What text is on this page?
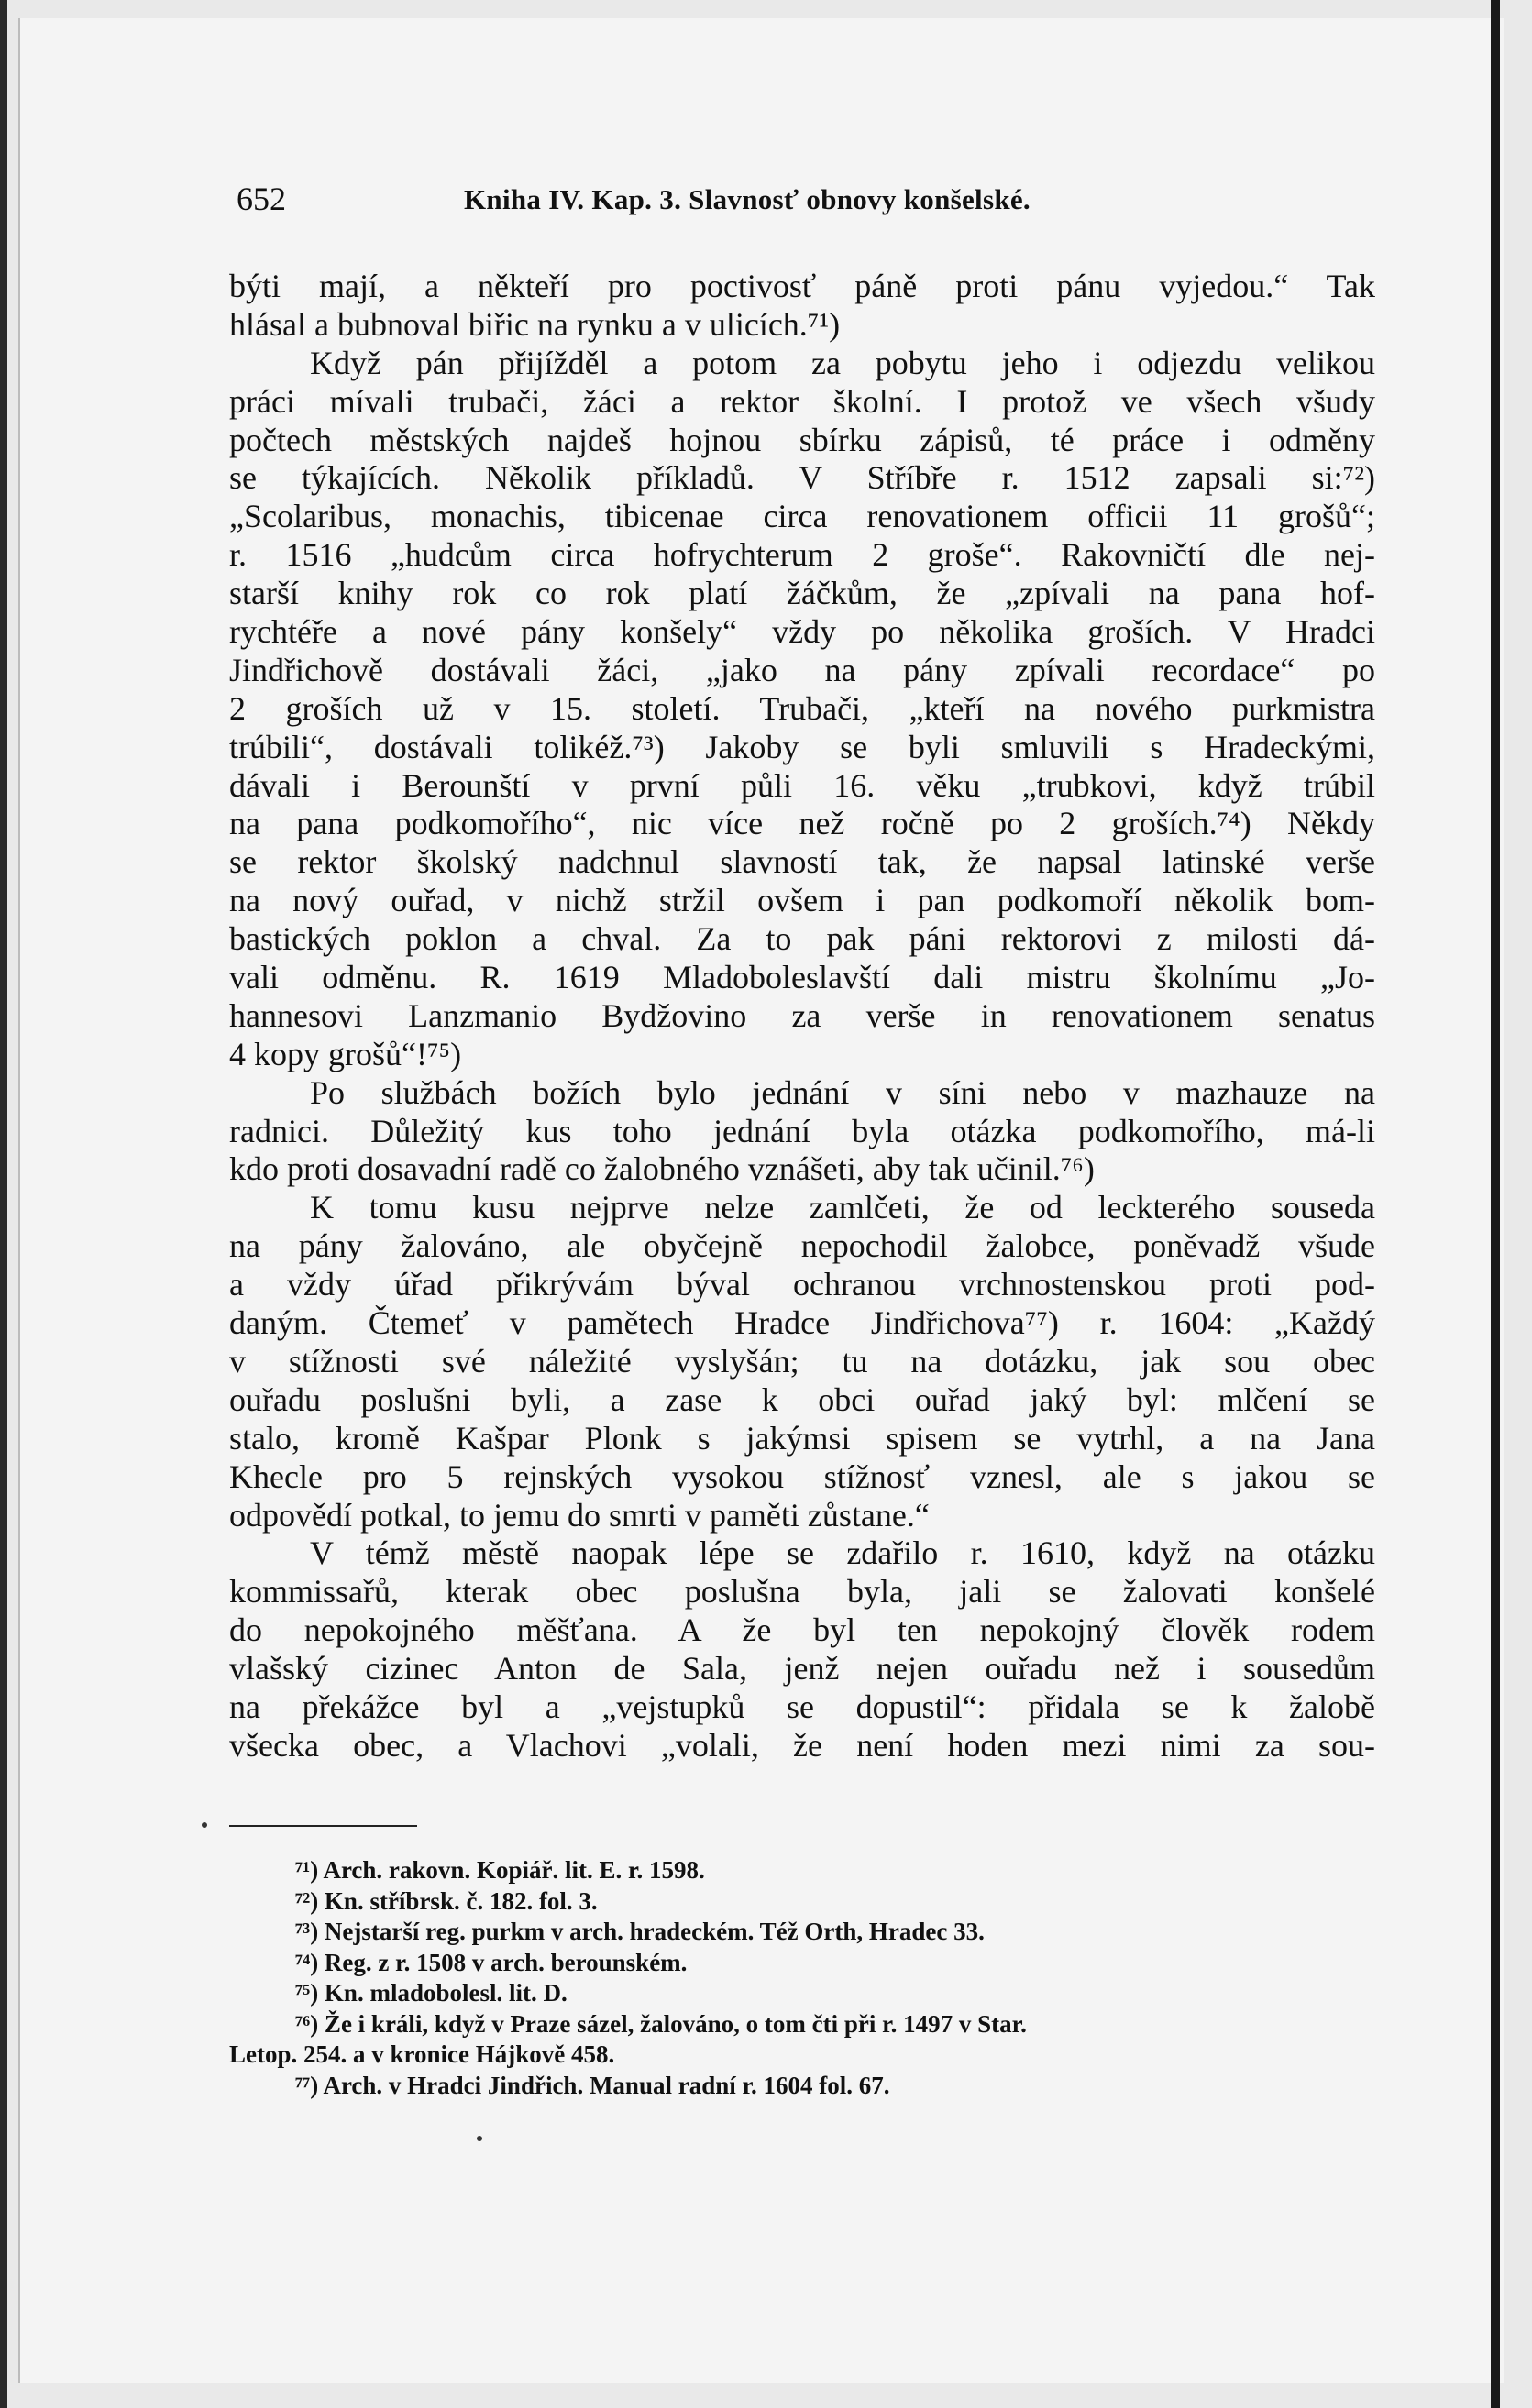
652	Kniha IV. Kap. 3. Slavnosť obnovy konšelské.
býti mají, a někteří pro poctivosť páně proti pánu vyjedou.“ Tak
hlásal a bubnoval biřic na rynku a v ulicích.⁷¹)
Když pán přijížděl a potom za pobytu jeho i odjezdu velikou
práci mívali trubači, žáci a rektor školní. I protož ve všech všudy
počtech městských najdeš hojnou sbírku zápisů, té práce i odměny
se týkajících. Několik příkladů. V Stříbře r. 1512 zapsali si:⁷²)
„Scolaribus, monachis, tibicenae circa renovationem officii 11 grošů“;
r. 1516 „hudcům circa hofrychterum 2 groše“. Rakovničtí dle nej-
starší knihy rok co rok platí žáčkům, že „zpívali na pana hof-
rychtéře a nové pány konšely“ vždy po několika groších. V Hradci
Jindřichově dostávali žáci, „jako na pány zpívali recordace“ po
2 groších už v 15. století. Trubači, „kteří na nového purkmistra
trúbili“, dostávali tolikéž.⁷³) Jakoby se byli smluvili s Hradeckými,
dávali i Berounští v první půli 16. věku „trubkovi, když trúbil
na pana podkomořího“, nic více než ročně po 2 groších.⁷⁴) Někdy
se rektor školský nadchnul slavností tak, že napsal latinské verše
na nový ouřad, v nichž stržil ovšem i pan podkomoří několik bom-
bastických poklon a chval. Za to pak páni rektorovi z milosti dá-
vali odměnu. R. 1619 Mladoboleslavští dali mistru školnímu „Jo-
hannesovi Lanzmanio Bydžovino za verše in renovationem senatus
4 kopy grošů“!⁷⁵)
Po službách božích bylo jednání v síni nebo v mazhauze na
radnici. Důležitý kus toho jednání byla otázka podkomořího, má-li
kdo proti dosavadní radě co žalobného vznášeti, aby tak učinil.⁷⁶)
K tomu kusu nejprve nelze zamlčeti, že od leckterého souseda
na pány žalováno, ale obyčejně nepochodil žalobce, poněvadž všude
a vždy úřad přikrývám býval ochranou vrchnostenskou proti pod-
daným. Čtemeť v pamětech Hradce Jindřichova⁷⁷) r. 1604: „Každý
v stížnosti své náležité vyslyšán; tu na dotázku, jak sou obec
ouřadu poslušni byli, a zase k obci ouřad jaký byl: mlčení se
stalo, kromě Kašpar Plonk s jakýmsi spisem se vytrhl, a na Jana
Khecle pro 5 rejnských vysokou stížnosť vznesl, ale s jakou se
odpovědí potkal, to jemu do smrti v paměti zůstane.“
V témž městě naopak lépe se zdařilo r. 1610, když na otázku
kommissařů, kterak obec poslušna byla, jali se žalovati konšelé
do nepokojného měšťana. A že byl ten nepokojný člověk rodem
vlašský cizinec Anton de Sala, jenž nejen ouřadu než i sousedům
na překážce byl a „vejstupků se dopustil“: přidala se k žalobě
všecka obec, a Vlachovi „volali, že není hoden mezi nimi za sou-
⁷¹) Arch. rakovn. Kopiář. lit. E. r. 1598.
⁷²) Kn. stříbrsk. č. 182. fol. 3.
⁷³) Nejstarší reg. purkm v arch. hradeckém. Též Orth, Hradec 33.
⁷⁴) Reg. z r. 1508 v arch. berounském.
⁷⁵) Kn. mladobolesl. lit. D.
⁷⁶) Že i králi, když v Praze sázel, žalováno, o tom čti při r. 1497 v Star.
Letop. 254. a v kronice Hájkově 458.
⁷⁷) Arch. v Hradci Jindřich. Manual radní r. 1604 fol. 67.
